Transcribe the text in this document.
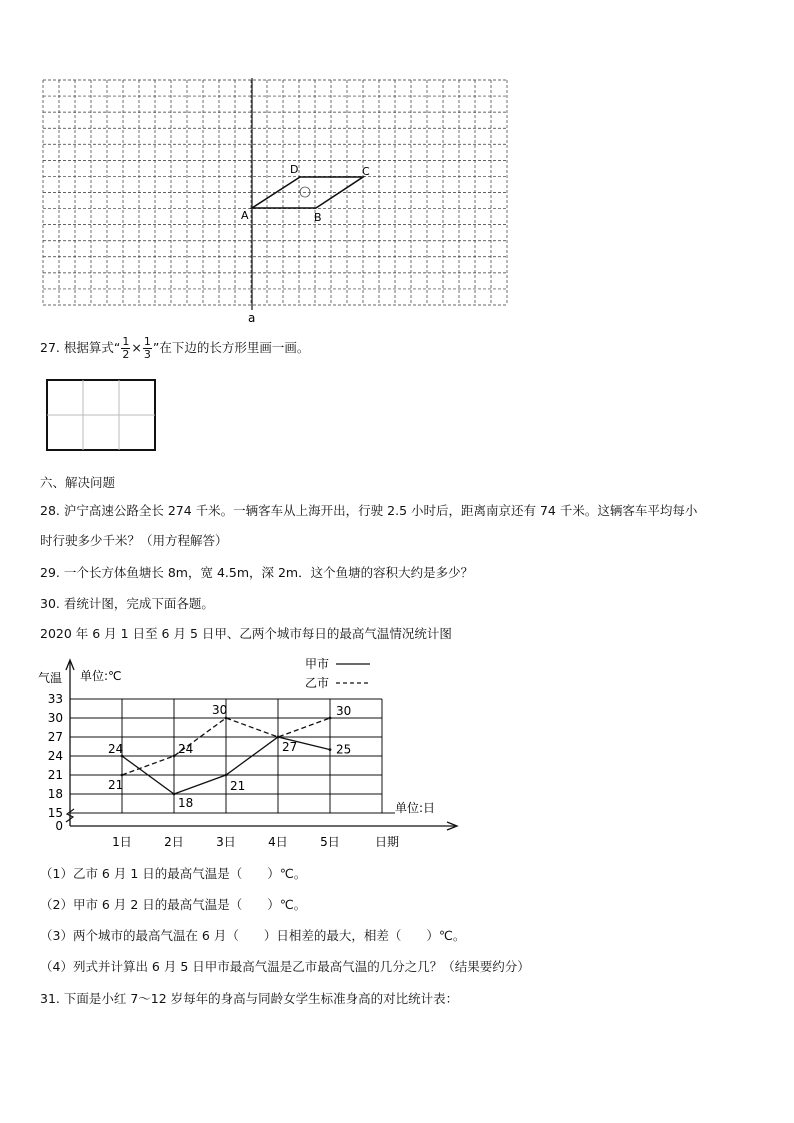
A	B
C
D
a
27. 根据算式“ $\frac{1}{2} \times \frac{1}{3}$ ”在下边的长方形里画一画。
六、解决问题
28. 沪宁高速公路全长 274 千米。一辆客车从上海开出，行驶 2.5 小时后，距离南京还有 74 千米。这辆客车平均每小
时行驶多少千米？（用方程解答）
29. 一个长方体鱼塘长 8m，宽 4.5m，深 2m．这个鱼塘的容积大约是多少？
30. 看统计图，完成下面各题。
2020 年 6 月 1 日至 6 月 5 日甲、乙两个城市每日的最高气温情况统计图
0
15
18
21
24
27
30
33
1日	2日	3日	4日	5日
24
18
21
27	25
21
24
30	30
气温 单位:℃
单位:日
日期
甲市
乙市
（1）乙市 6 月 1 日的最高气温是（　　）℃。
（2）甲市 6 月 2 日的最高气温是（　　）℃。
（3）两个城市的最高气温在 6 月（　　）日相差的最大，相差（　　）℃。
（4）列式并计算出 6 月 5 日甲市最高气温是乙市最高气温的几分之几？（结果要约分）
31. 下面是小红 7～12 岁每年的身高与同龄女学生标准身高的对比统计表：
